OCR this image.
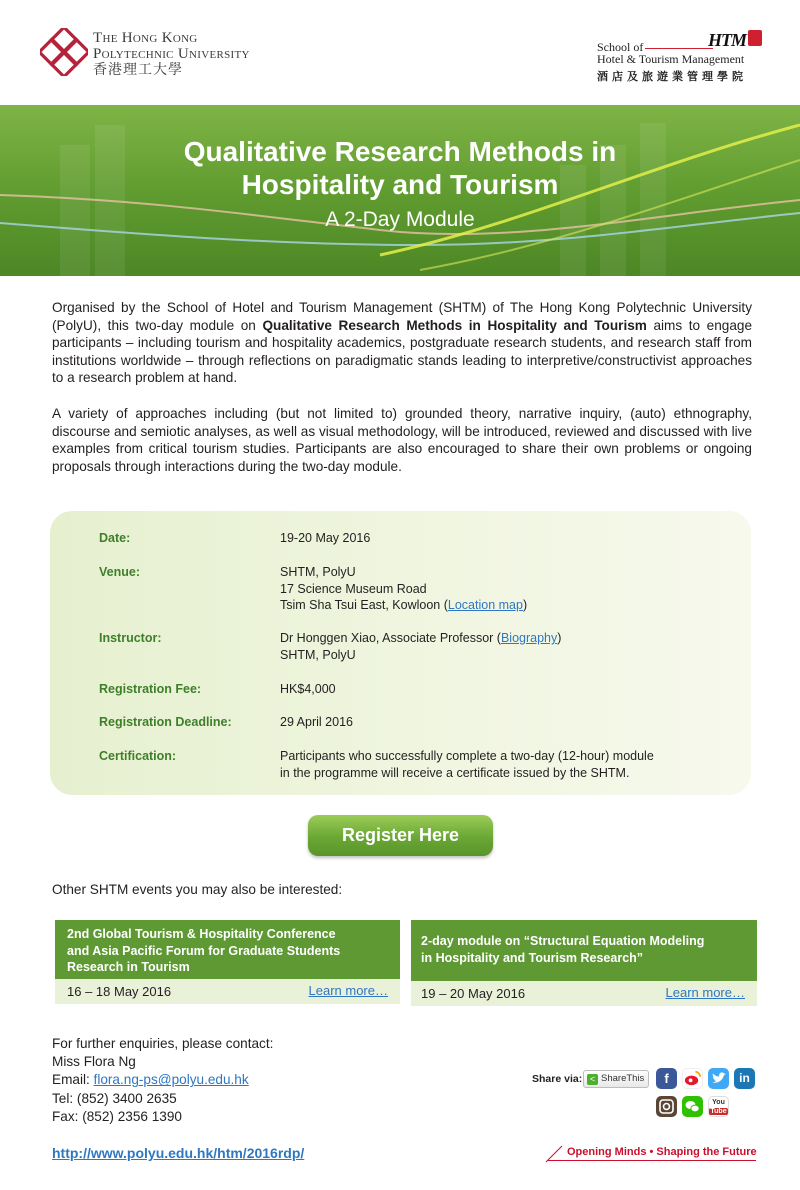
The Hong Kong
Polytechnic University
香港理工大學
School of	HTM
Hotel & Tourism Management
酒店及旅遊業管理學院
Qualitative Research Methods in
Hospitality and Tourism
A 2-Day Module

Organised by the School of Hotel and Tourism Management (SHTM) of The Hong Kong Polytechnic University (PolyU), this two-day module on Qualitative Research Methods in Hospitality and Tourism aims to engage participants – including tourism and hospitality academics, postgraduate research students, and research staff from institutions worldwide – through reflections on paradigmatic stands leading to interpretive/constructivist approaches to a research problem at hand.

A variety of approaches including (but not limited to) grounded theory, narrative inquiry, (auto) ethnography, discourse and semiotic analyses, as well as visual methodology, will be introduced, reviewed and discussed with live examples from critical tourism studies. Participants are also encouraged to share their own problems or ongoing proposals through interactions during the two-day module.

Date:	19-20 May 2016
Venue:	SHTM, PolyU
17 Science Museum Road
Tsim Sha Tsui East, Kowloon (Location map)
Instructor:	Dr Honggen Xiao, Associate Professor (Biography)
SHTM, PolyU
Registration Fee:	HK$4,000
Registration Deadline:	29 April 2016
Certification:	Participants who successfully complete a two-day (12-hour) module
in the programme will receive a certificate issued by the SHTM.
Register Here
Other SHTM events you may also be interested:
2nd Global Tourism & Hospitality Conference
and Asia Pacific Forum for Graduate Students
Research in Tourism
16 – 18 May 2016	Learn more…
2-day module on “Structural Equation Modeling
in Hospitality and Tourism Research”
19 – 20 May 2016	Learn more…
For further enquiries, please contact:
Miss Flora Ng
Email: flora.ng-ps@polyu.edu.hk
Tel: (852) 3400 2635
Fax: (852) 2356 1390
http://www.polyu.edu.hk/htm/2016rdp/
Share via: < ShareThis	f	in
You
Tube
Opening Minds • Shaping the Future
